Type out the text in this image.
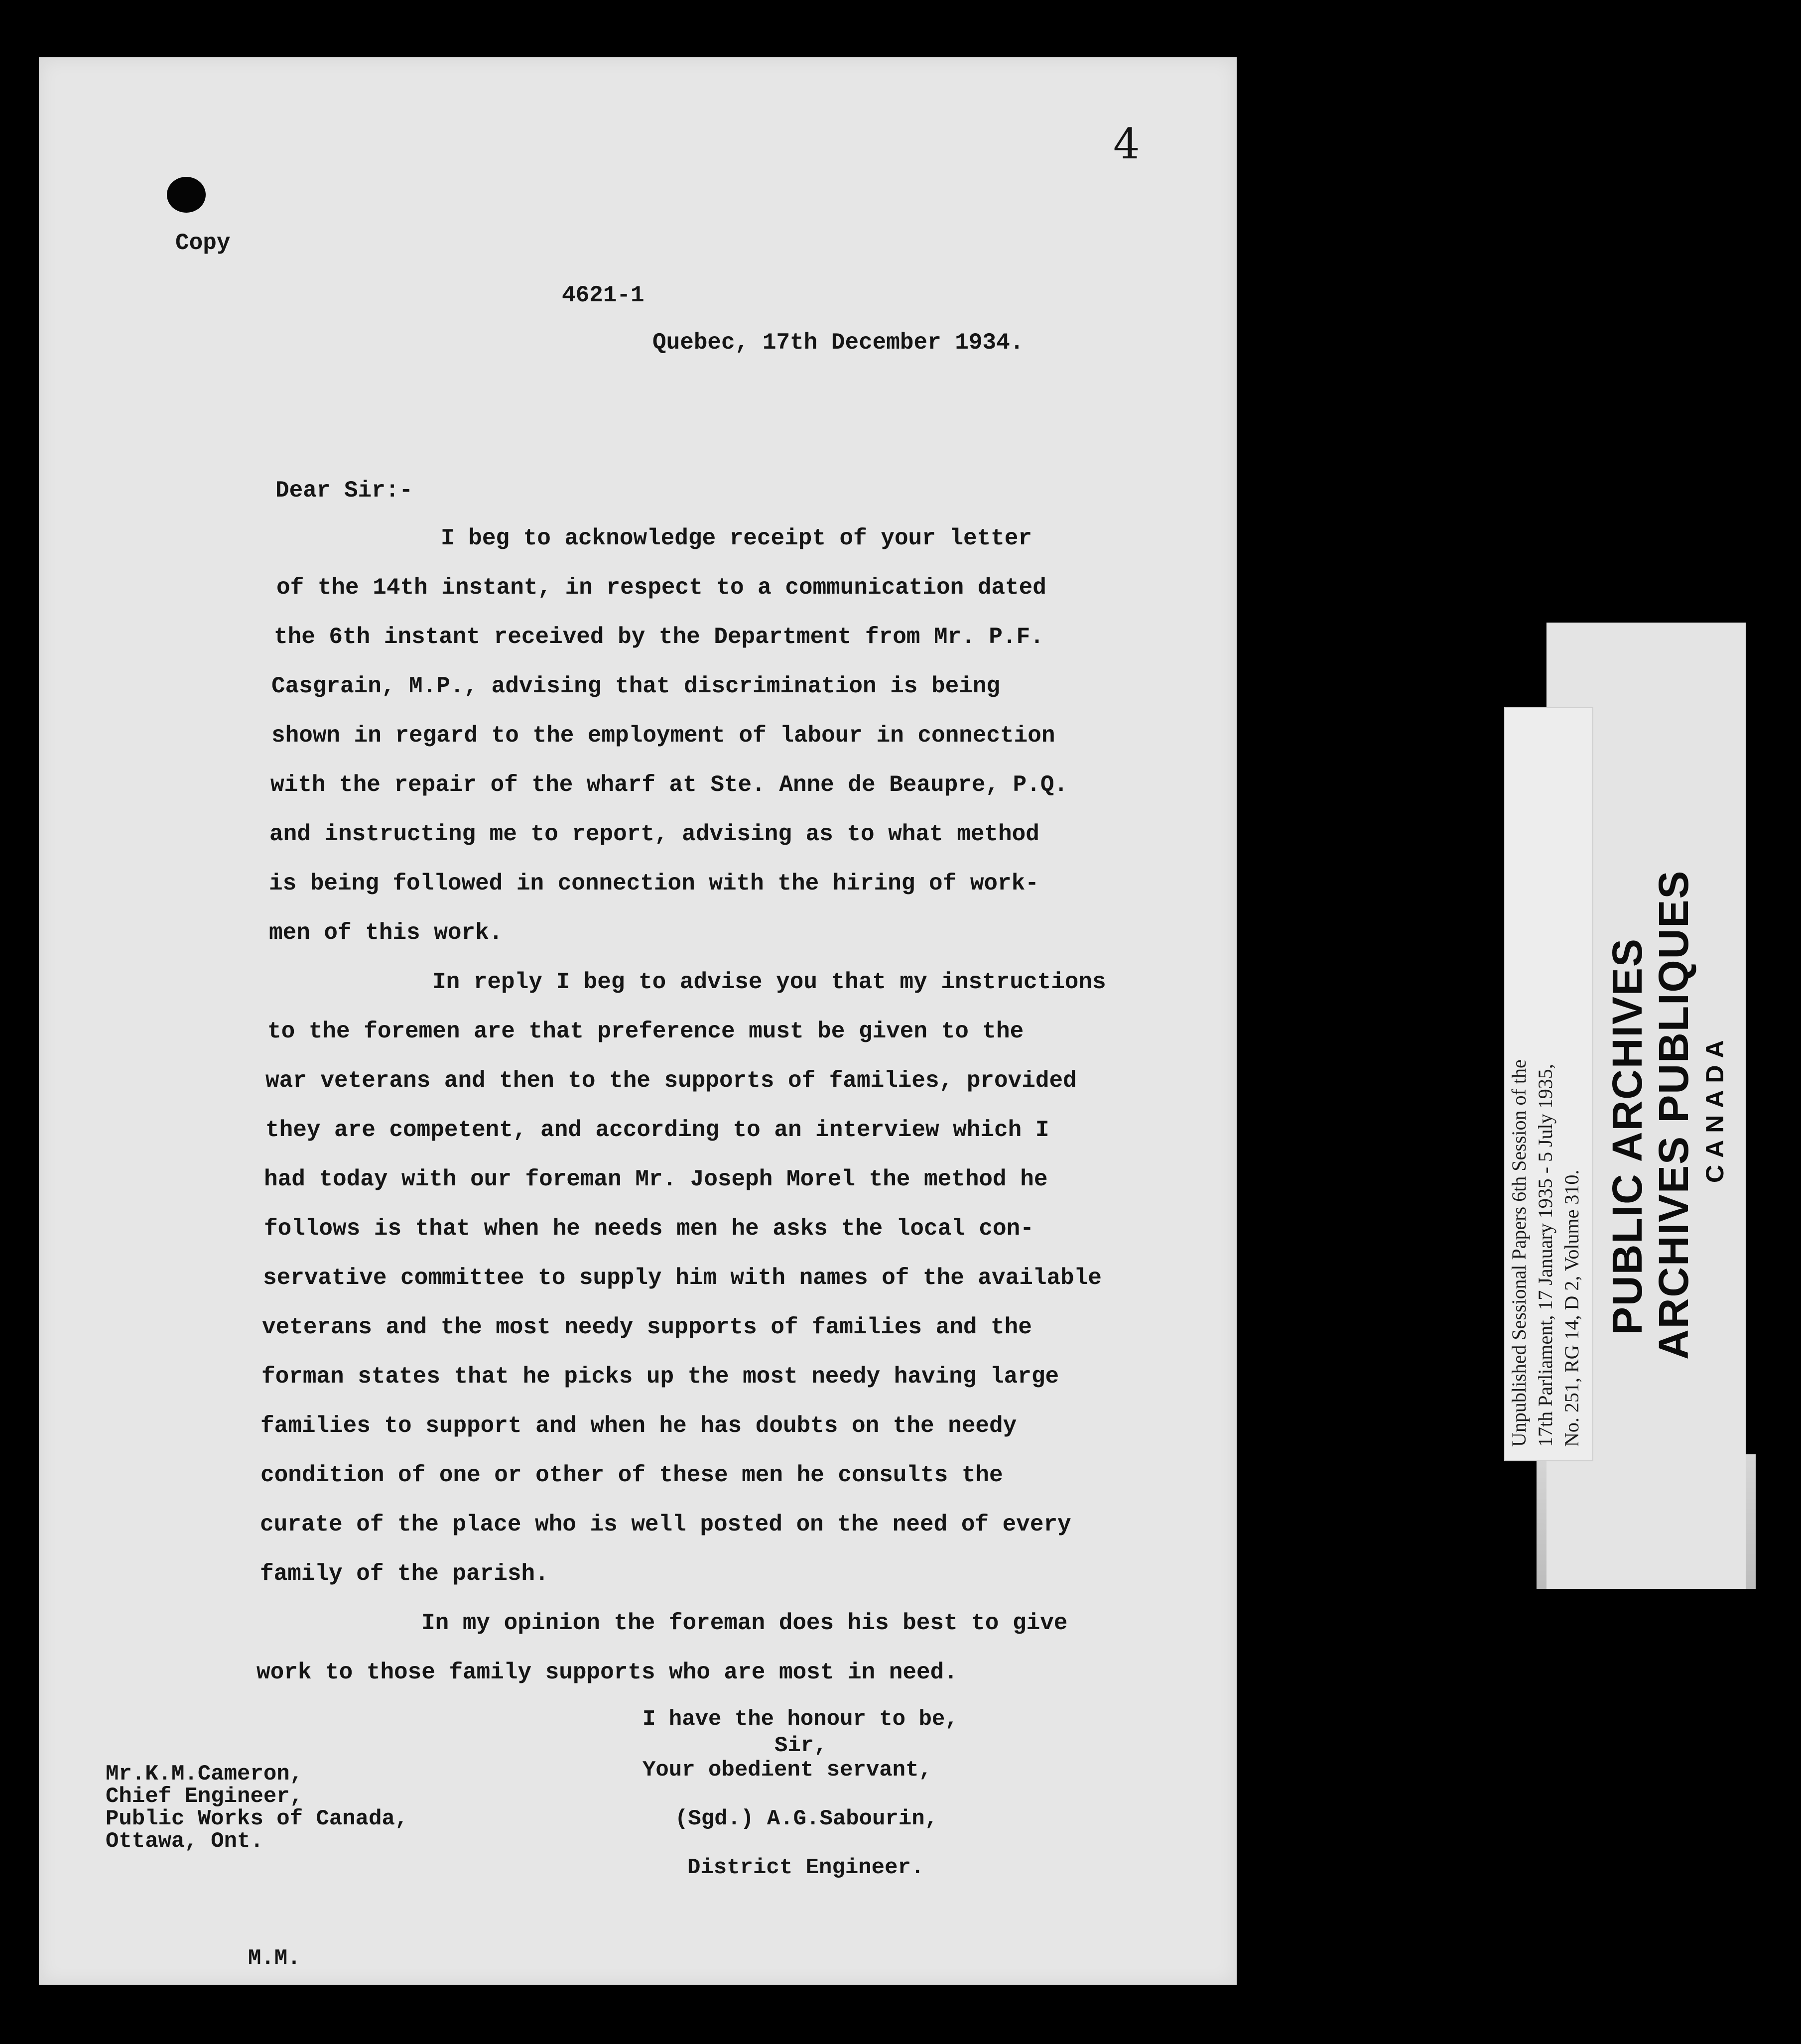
4
Copy
4621-1
Quebec, 17th December 1934.
Dear Sir:-
I beg to acknowledge receipt of your letter
of the 14th instant, in respect to a communication dated
the 6th instant received by the Department from Mr. P.F.
Casgrain, M.P., advising that discrimination is being
shown in regard to the employment of labour in connection
with the repair of the wharf at Ste. Anne de Beaupre, P.Q.
and instructing me to report, advising as to what method
is being followed in connection with the hiring of work-
men of this work.
In reply I beg to advise you that my instructions
to the foremen are that preference must be given to the
war veterans and then to the supports of families, provided
they are competent, and according to an interview which I
had today with our foreman Mr. Joseph Morel the method he
follows is that when he needs men he asks the local con-
servative committee to supply him with names of the available
veterans and the most needy supports of families and the
forman states that he picks up the most needy having large
families to support and when he has doubts on the needy
condition of one or other of these men he consults the
curate of the place who is well posted on the need of every
family of the parish.
In my opinion the foreman does his best to give
work to those family supports who are most in need.
I have the honour to be,
Sir,
Your obedient servant,
(Sgd.) A.G.Sabourin,
District Engineer.
Mr.K.M.Cameron,
Chief Engineer,
Public Works of Canada,
Ottawa, Ont.
M.M.
Unpublished Sessional Papers 6th Session of the 17th Parliament, 17 January 1935 - 5 July 1935, No. 251, RG 14, D 2, Volume 310. PUBLIC ARCHIVES ARCHIVES PUBLIQUES CANADA
